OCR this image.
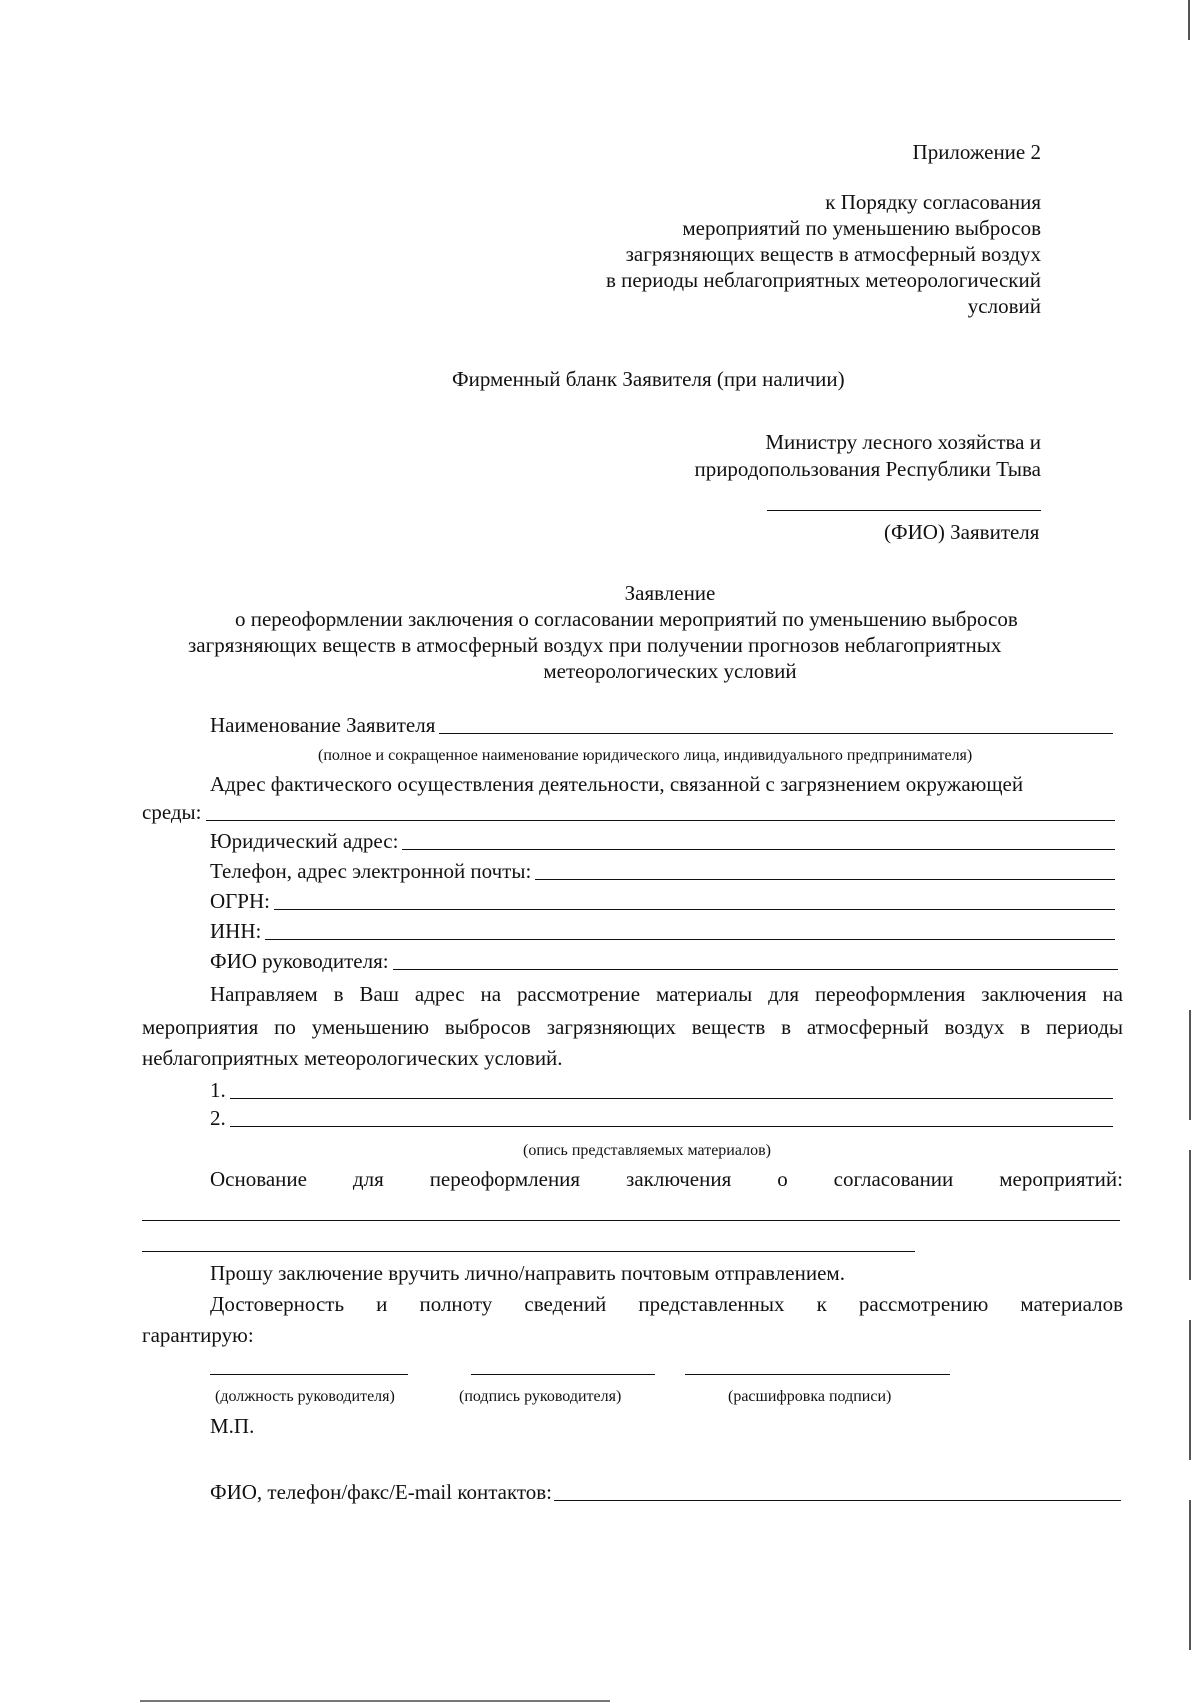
Приложение 2
к Порядку согласования
мероприятий по уменьшению выбросов
загрязняющих веществ в атмосферный воздух
в периоды неблагоприятных метеорологический
условий
Фирменный бланк Заявителя (при наличии)
Министру лесного хозяйства и
природопользования Республики Тыва
(ФИО) Заявителя
Заявление
о переоформлении заключения о согласовании мероприятий по уменьшению выбросов
загрязняющих веществ в атмосферный воздух при получении прогнозов неблагоприятных
метеорологических условий
Наименование Заявителя
(полное и сокращенное наименование юридического лица, индивидуального предпринимателя)
Адрес фактического осуществления деятельности, связанной с загрязнением окружающей
среды:
Юридический адрес:
Телефон, адрес электронной почты:
ОГРН:
ИНН:
ФИО руководителя:
Направляем в Ваш адрес на рассмотрение материалы для переоформления заключения на
мероприятия по уменьшению выбросов загрязняющих веществ в атмосферный воздух в периоды
неблагоприятных метеорологических условий.
1.
2.
(опись представляемых материалов)
Основание для переоформления заключения о согласовании мероприятий:
Прошу заключение вручить лично/направить почтовым отправлением.
Достоверность и полноту сведений представленных к рассмотрению материалов
гарантирую:
(должность руководителя)	(подпись руководителя)	(расшифровка подписи)
М.П.
ФИО, телефон/факс/E-mail контактов:
